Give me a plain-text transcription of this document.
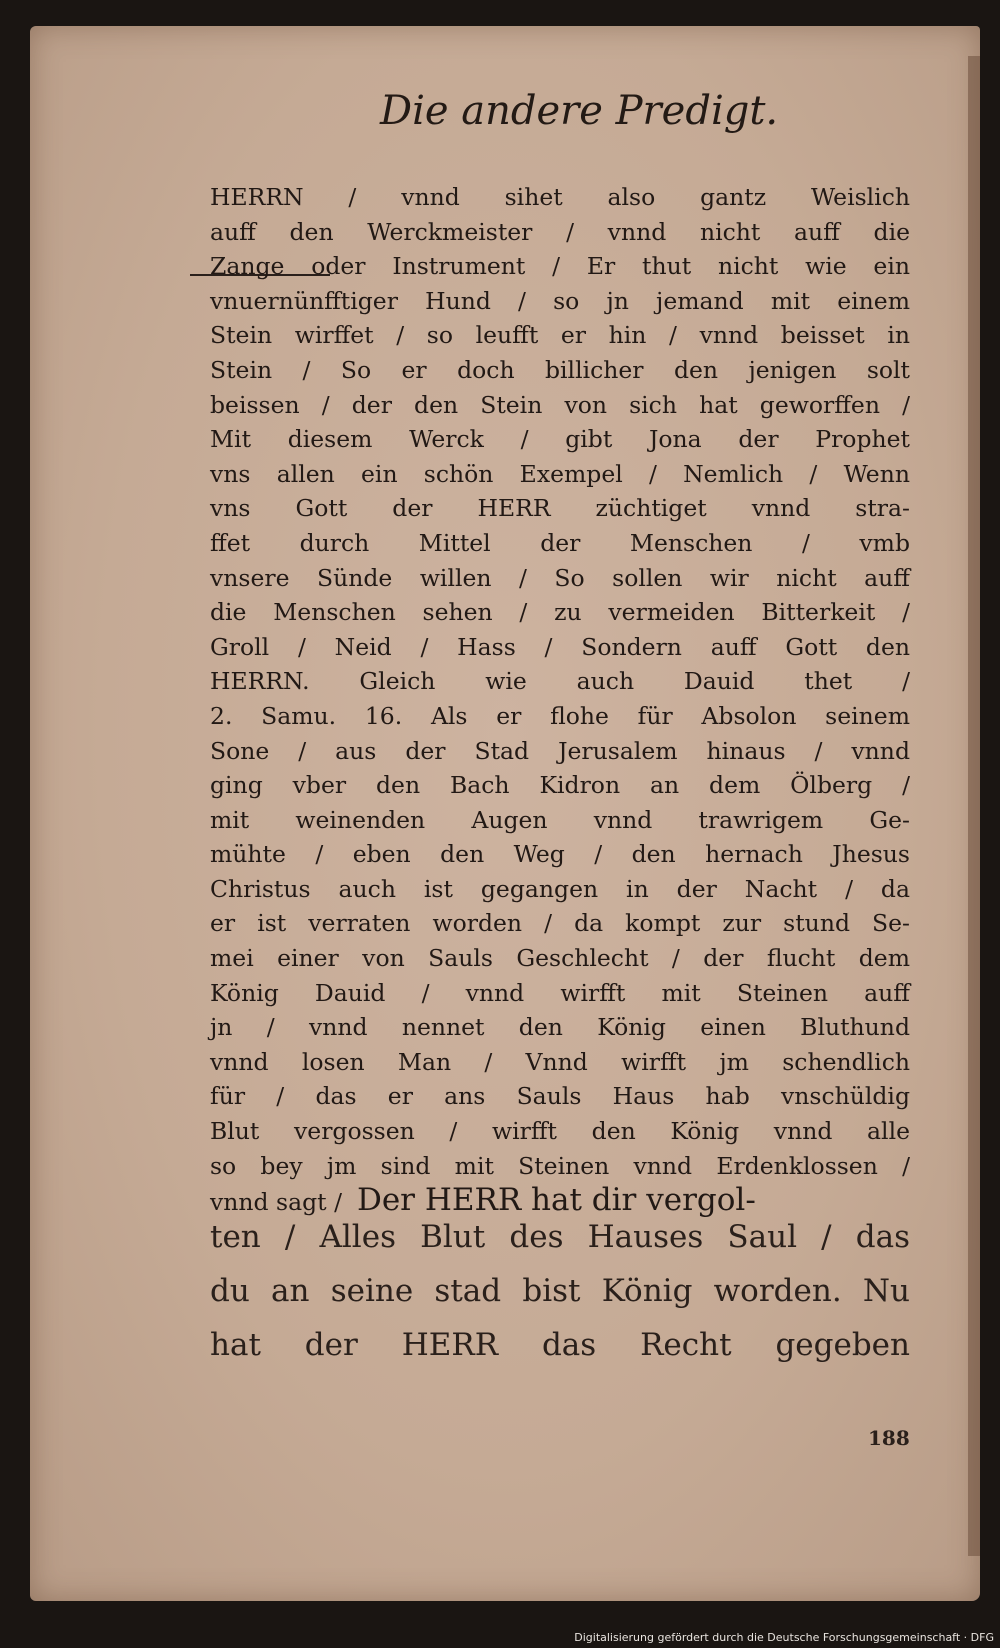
Die andere Predigt.
HERRN / vnnd sihet also gantz Weislich
auff den Werckmeister / vnnd nicht auff die
Zange oder Instrument / Er thut nicht wie ein
vnuernünfftiger Hund / so jn jemand mit einem
Stein wirffet / so leufft er hin / vnnd beisset in
Stein / So er doch billicher den jenigen solt
beissen / der den Stein von sich hat geworffen /
Mit diesem Werck / gibt Jona der Prophet
vns allen ein schön Exempel / Nemlich / Wenn
vns Gott der HERR züchtiget vnnd stra-
ffet durch Mittel der Menschen / vmb
vnsere Sünde willen / So sollen wir nicht auff
die Menschen sehen / zu vermeiden Bitterkeit /
Groll / Neid / Hass / Sondern auff Gott den
HERRN. Gleich wie auch Dauid thet /
2. Samu. 16. Als er flohe für Absolon seinem
Sone / aus der Stad Jerusalem hinaus / vnnd
ging vber den Bach Kidron an dem Ölberg /
mit weinenden Augen vnnd trawrigem Ge-
mühte / eben den Weg / den hernach Jhesus
Christus auch ist gegangen in der Nacht / da
er ist verraten worden / da kompt zur stund Se-
mei einer von Sauls Geschlecht / der flucht dem
König Dauid / vnnd wirfft mit Steinen auff
jn / vnnd nennet den König einen Bluthund
vnnd losen Man / Vnnd wirfft jm schendlich
für / das er ans Sauls Haus hab vnschüldig
Blut vergossen / wirfft den König vnnd alle
so bey jm sind mit Steinen vnnd Erdenklossen /
vnnd sagt / Der HERR hat dir vergol-
ten / Alles Blut des Hauses Saul / das
du an seine stad bist König worden. Nu
hat der HERR das Recht gegeben
188
Digitalisierung gefördert durch die Deutsche Forschungsgemeinschaft · DFG
